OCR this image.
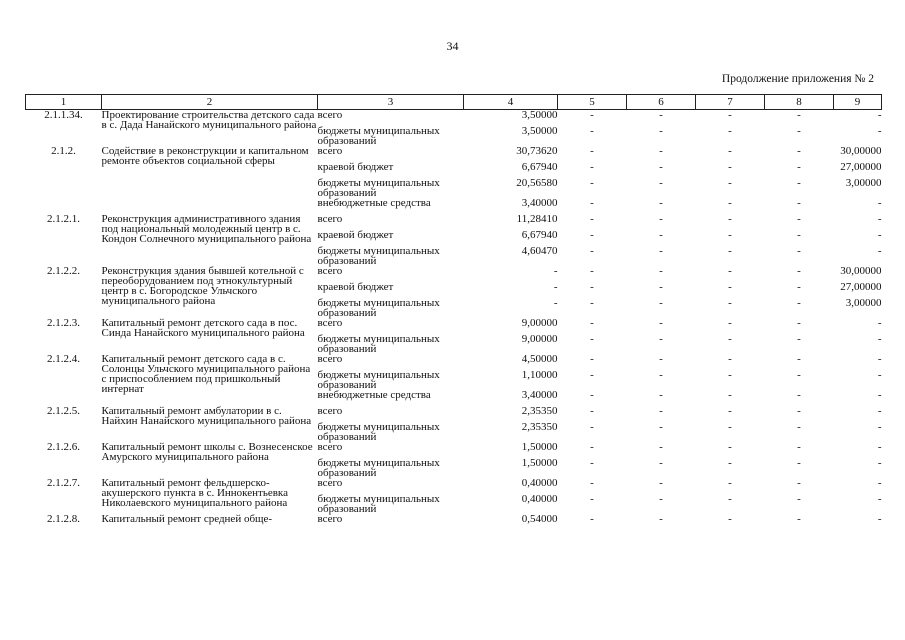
34
Продолжение приложения № 2
1	2	3	4	5	6	7	8	9
2.1.1.34.	Проектирование строительства детского сада в с. Дада Нанайского муниципального района	всего	3,50000	-	-	-	-	-
		бюджеты муниципальных образований	3,50000	-	-	-	-	-
2.1.2.	Содействие в реконструкции и капитальном ремонте объектов социальной сферы	всего	30,73620	-	-	-	-	30,00000
		краевой бюджет	6,67940	-	-	-	-	27,00000
		бюджеты муниципальных образований	20,56580	-	-	-	-	3,00000
		внебюджетные средства	3,40000	-	-	-	-	-
2.1.2.1.	Реконструкция административного здания под национальный молодежный центр в с. Кондон Солнечного муниципального района	всего	11,28410	-	-	-	-	-
		краевой бюджет	6,67940	-	-	-	-	-
		бюджеты муниципальных образований	4,60470	-	-	-	-	-
2.1.2.2.	Реконструкция здания бывшей котельной с переоборудованием под этнокультурный центр в с. Богородское Ульчского муниципального района	всего	-	-	-	-	-	30,00000
		краевой бюджет	-	-	-	-	-	27,00000
		бюджеты муниципальных образований	-	-	-	-	-	3,00000
2.1.2.3.	Капитальный ремонт детского сада в пос. Синда Нанайского муниципального района	всего	9,00000	-	-	-	-	-
		бюджеты муниципальных образований	9,00000	-	-	-	-	-
2.1.2.4.	Капитальный ремонт детского сада в с. Солонцы Ульчского муниципального района с приспособлением под пришкольный интернат	всего	4,50000	-	-	-	-	-
		бюджеты муниципальных образований	1,10000	-	-	-	-	-
		внебюджетные средства	3,40000	-	-	-	-	-
2.1.2.5.	Капитальный ремонт амбулатории в с. Найхин Нанайского муниципального района	всего	2,35350	-	-	-	-	-
		бюджеты муниципальных образований	2,35350	-	-	-	-	-
2.1.2.6.	Капитальный ремонт школы с. Вознесенское Амурского муниципального района	всего	1,50000	-	-	-	-	-
		бюджеты муниципальных образований	1,50000	-	-	-	-	-
2.1.2.7.	Капитальный ремонт фельдшерско-акушерского пункта в с. Иннокентьевка Николаевского муниципального района	всего	0,40000	-	-	-	-	-
		бюджеты муниципальных образований	0,40000	-	-	-	-	-
2.1.2.8.	Капитальный ремонт средней обще-	всего	0,54000	-	-	-	-	-
